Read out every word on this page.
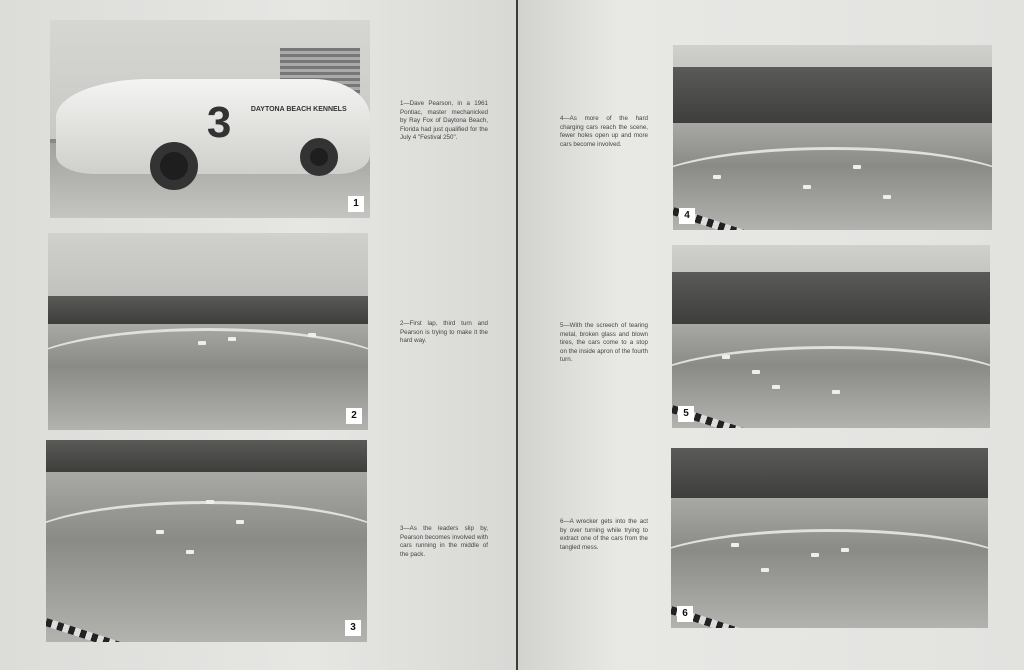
3	DAYTONA BEACH KENNELS
1
1—Dave Pearson, in a 1961 Pontiac, master mechanicked by Ray Fox of Daytona Beach, Florida had just qualified for the July 4 "Festival 250".
2
2—First lap, third turn and Pearson is trying to make it the hard way.
3
3—As the leaders slip by, Pearson becomes involved with cars running in the middle of the pack.
4
4—As more of the hard charging cars reach the scene, fewer holes open up and more cars become involved.
5
5—With the screech of tearing metal, broken glass and blown tires, the cars come to a stop on the inside apron of the fourth turn.
6
6—A wrecker gets into the act by over turning while trying to extract one of the cars from the tangled mess.
